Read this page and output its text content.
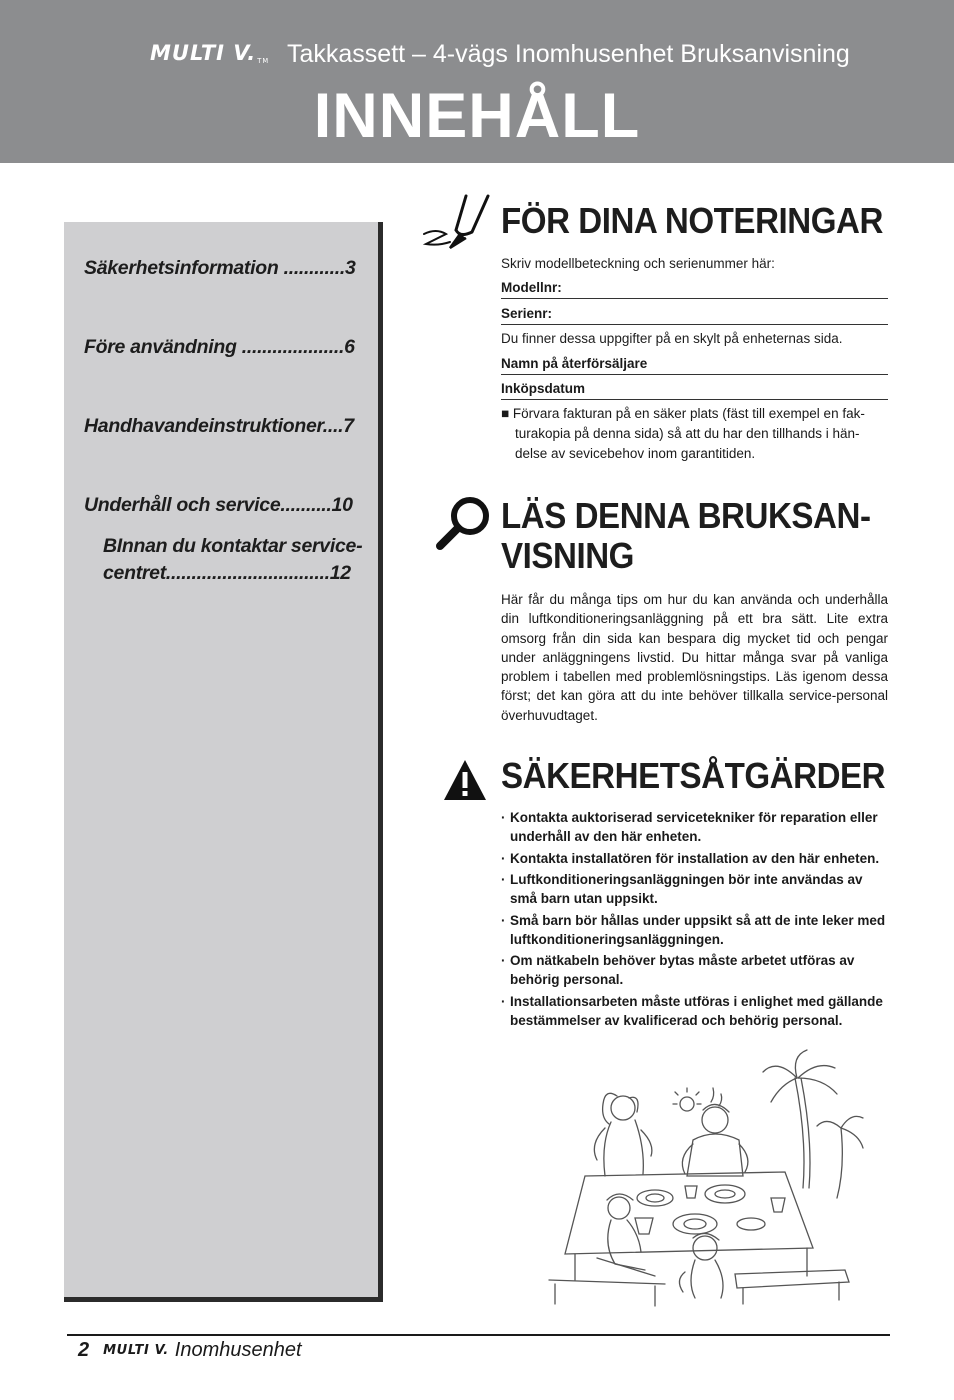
MULTI V.TM Takkassett – 4-vägs Inomhusenhet Bruksanvisning
INNEHÅLL
Säkerhetsinformation ............3
Före användning ....................6
Handhavandeinstruktioner....7
Underhåll och service..........10
BInnan du kontaktar service-
centret................................12
FÖR DINA NOTERINGAR
Skriv modellbeteckning och serienummer här:
Modellnr:
Serienr:
Du finner dessa uppgifter på en skylt på enheternas sida.
Namn på återförsäljare
Inköpsdatum
■ Förvara fakturan på en säker plats (fäst till exempel en fak-
turakopia på denna sida) så att du har den tillhands i hän-
delse av sevicebehov inom garantitiden.
LÄS DENNA BRUKSAN-
VISNING
Här får du många tips om hur du kan använda och underhålla din luftkonditioneringsanläggning på ett bra sätt. Lite extra omsorg från din sida kan bespara dig mycket tid och pengar under anläggningens livstid. Du hittar många svar på vanliga problem i tabellen med problemlösningstips. Läs igenom dessa först; det kan göra att du inte behöver tillkalla service-personal överhuvudtaget.
SÄKERHETSÅTGÄRDER
· Kontakta auktoriserad servicetekniker för reparation eller underhåll av den här enheten.
· Kontakta installatören för installation av den här enheten.
· Luftkonditioneringsanläggningen bör inte användas av små barn utan uppsikt.
· Små barn bör hållas under uppsikt så att de inte leker med luftkonditioneringsanläggningen.
· Om nätkabeln behöver bytas måste arbetet utföras av behörig personal.
· Installationsarbeten måste utföras i enlighet med gällande bestämmelser av kvalificerad och behörig personal.
2 MULTI V. Inomhusenhet
